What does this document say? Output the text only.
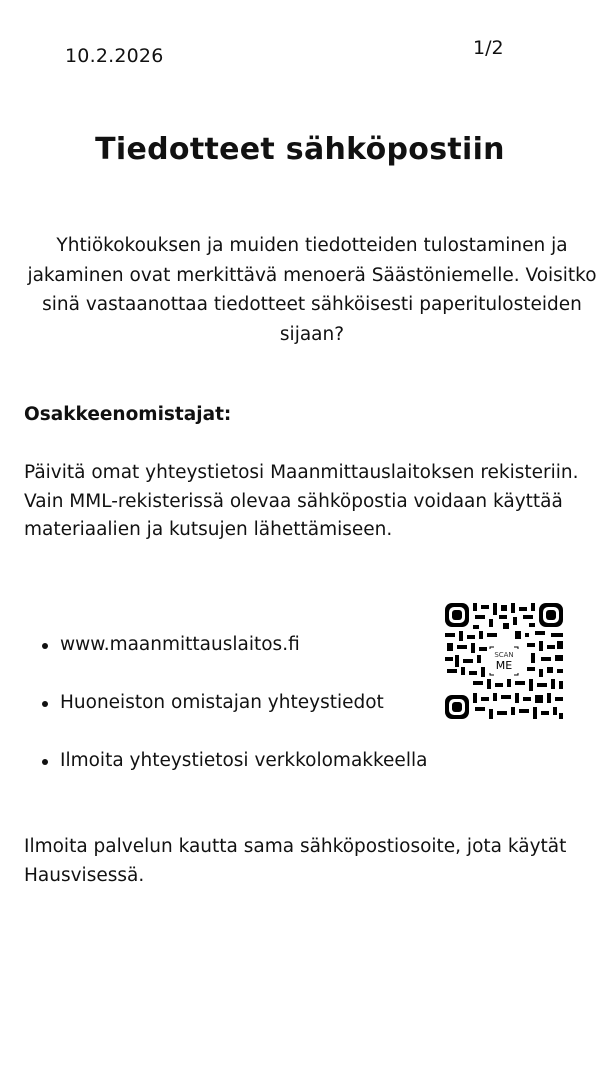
10.2.2026	1/2
Tiedotteet sähköpostiin

Yhtiökokouksen ja muiden tiedotteiden tulostaminen ja jakaminen ovat merkittävä menoerä Säästöniemelle. Voisitko sinä vastaanottaa tiedotteet sähköisesti paperitulosteiden sijaan?

Osakkeenomistajat:

Päivitä omat yhteystietosi Maanmittauslaitoksen rekisteriin. Vain MML-rekisterissä olevaa sähköpostia voidaan käyttää materiaalien ja kutsujen lähettämiseen.

www.maanmittauslaitos.fi
Huoneiston omistajan yhteystiedot
Ilmoita yhteystietosi verkkolomakkeella
SCAN
ME

Ilmoita palvelun kautta sama sähköpostiosoite, jota käytät Hausvisessä.
